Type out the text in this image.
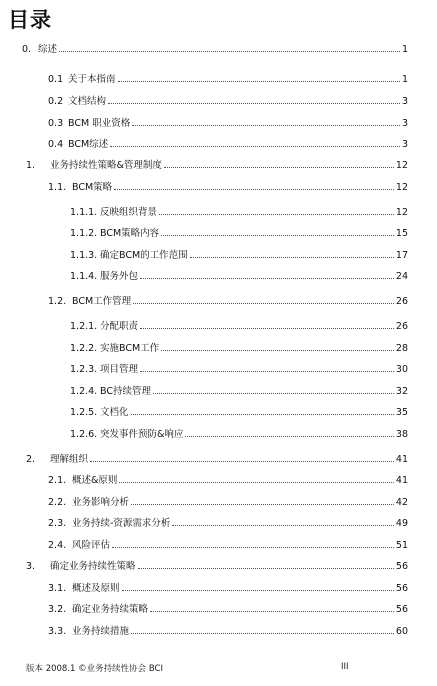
目录
0. 综述	1
0.1 关于本指南	1
0.2 文档结构	3
0.3 BCM 职业资格	3
0.4 BCM综述	3
1.	业务持续性策略&管理制度	12
1.1. BCM策略	12
1.1.1. 反映组织背景	12
1.1.2. BCM策略内容	15
1.1.3. 确定BCM的工作范围	17
1.1.4. 服务外包	24
1.2. BCM工作管理	26
1.2.1. 分配职责	26
1.2.2. 实施BCM工作	28
1.2.3. 项目管理	30
1.2.4. BC持续管理	32
1.2.5. 文档化	35
1.2.6. 突发事件预防&响应	38
2.	理解组织	41
2.1. 概述&原则	41
2.2. 业务影响分析	42
2.3. 业务持续-资源需求分析	49
2.4. 风险评估	51
3.	确定业务持续性策略	56
3.1. 概述及原则	56
3.2. 确定业务持续策略	56
3.3. 业务持续措施	60
版本 2008.1 ©业务持续性协会 BCI	III
